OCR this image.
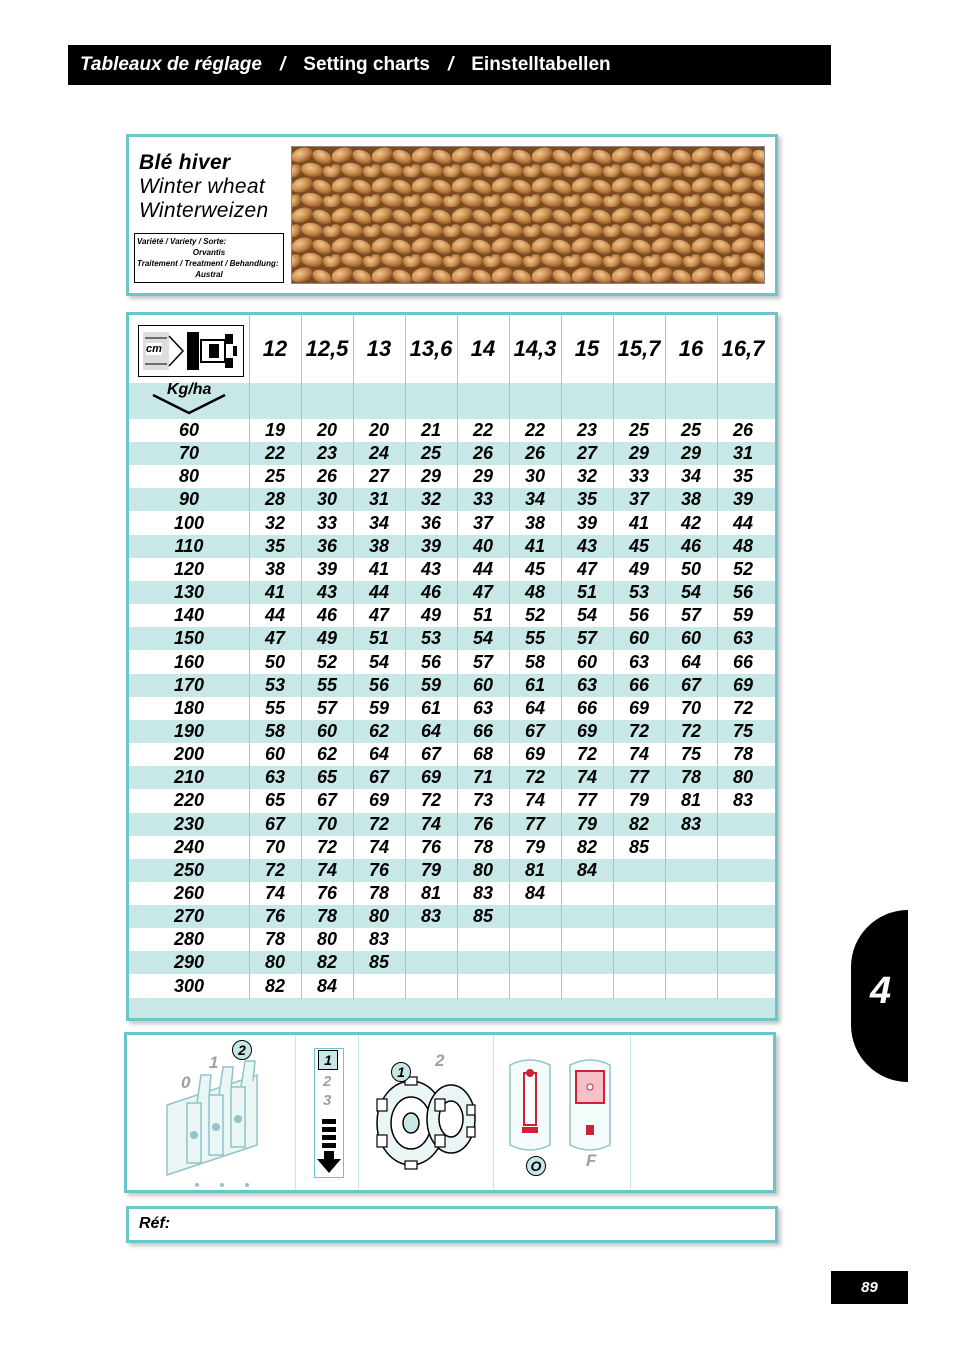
Tableaux de réglage / Setting charts / Einstelltabellen
Blé hiver
Winter wheat
Winterweizen
Variété / Variety / Sorte:
Orvantis
Traitement / Treatment / Behandlung:
Austral
12 12,5 13 13,6 14 14,3 15 15,7 16 16,7
60	19	20	20	21	22	22	23	25	25	26
70	22	23	24	25	26	26	27	29	29	31
80	25	26	27	29	29	30	32	33	34	35
90	28	30	31	32	33	34	35	37	38	39
100	32	33	34	36	37	38	39	41	42	44
110	35	36	38	39	40	41	43	45	46	48
120	38	39	41	43	44	45	47	49	50	52
130	41	43	44	46	47	48	51	53	54	56
140	44	46	47	49	51	52	54	56	57	59
150	47	49	51	53	54	55	57	60	60	63
160	50	52	54	56	57	58	60	63	64	66
170	53	55	56	59	60	61	63	66	67	69
180	55	57	59	61	63	64	66	69	70	72
190	58	60	62	64	66	67	69	72	72	75
200	60	62	64	67	68	69	72	74	75	78
210	63	65	67	69	71	72	74	77	78	80
220	65	67	69	72	73	74	77	79	81	83
230	67	70	72	74	76	77	79	82	83
240	70	72	74	76	78	79	82	85
250	72	74	76	79	80	81	84
260	74	76	78	81	83	84
270	76	78	80	83	85
280	78	80	83
290	80	82	85
300	82	84
cm
Kg/ha
0
1
2
1
2
3
1
2
O	F
Réf:
4
89
